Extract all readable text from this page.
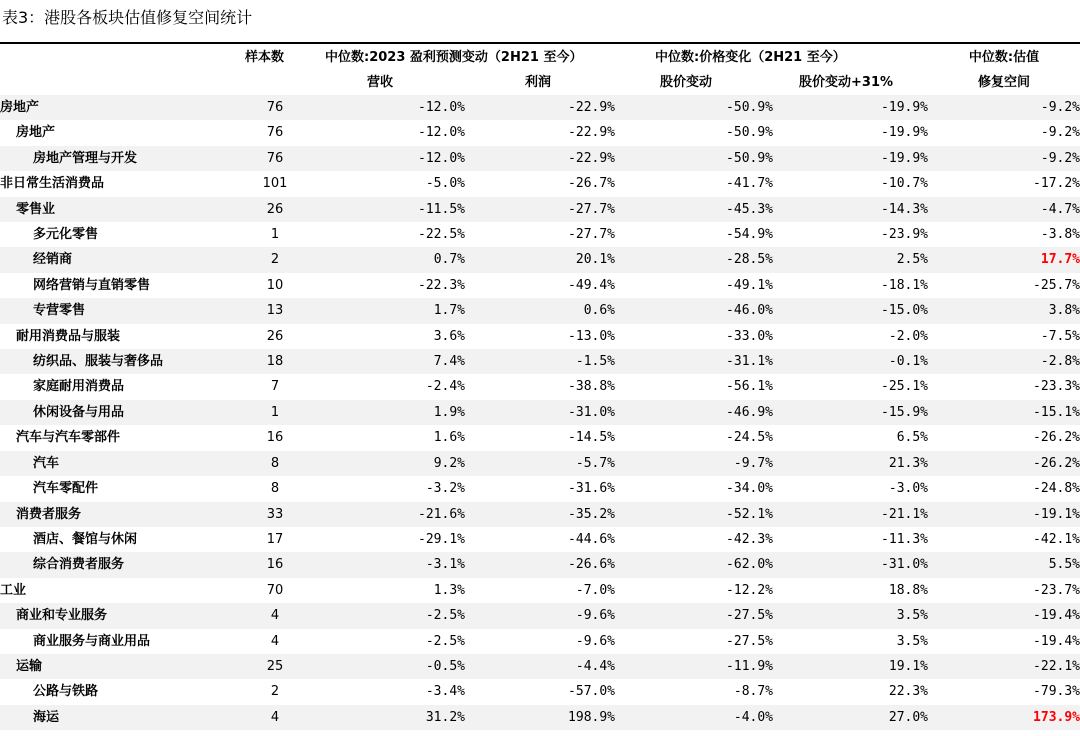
表3：港股各板块估值修复空间统计
	样本数	中位数:2023 盈利预测变动（2H21 至今）		中位数:价格变化（2H21 至今）		中位数:估值
		营收	利润	股价变动	股价变动+31%	修复空间
房地产	76	-12.0%	-22.9%	-50.9%	-19.9%	-9.2%
房地产	76	-12.0%	-22.9%	-50.9%	-19.9%	-9.2%
房地产管理与开发	76	-12.0%	-22.9%	-50.9%	-19.9%	-9.2%
非日常生活消费品	101	-5.0%	-26.7%	-41.7%	-10.7%	-17.2%
零售业	26	-11.5%	-27.7%	-45.3%	-14.3%	-4.7%
多元化零售	1	-22.5%	-27.7%	-54.9%	-23.9%	-3.8%
经销商	2	0.7%	20.1%	-28.5%	2.5%	17.7%
网络营销与直销零售	10	-22.3%	-49.4%	-49.1%	-18.1%	-25.7%
专营零售	13	1.7%	0.6%	-46.0%	-15.0%	3.8%
耐用消费品与服装	26	3.6%	-13.0%	-33.0%	-2.0%	-7.5%
纺织品、服装与奢侈品	18	7.4%	-1.5%	-31.1%	-0.1%	-2.8%
家庭耐用消费品	7	-2.4%	-38.8%	-56.1%	-25.1%	-23.3%
休闲设备与用品	1	1.9%	-31.0%	-46.9%	-15.9%	-15.1%
汽车与汽车零部件	16	1.6%	-14.5%	-24.5%	6.5%	-26.2%
汽车	8	9.2%	-5.7%	-9.7%	21.3%	-26.2%
汽车零配件	8	-3.2%	-31.6%	-34.0%	-3.0%	-24.8%
消费者服务	33	-21.6%	-35.2%	-52.1%	-21.1%	-19.1%
酒店、餐馆与休闲	17	-29.1%	-44.6%	-42.3%	-11.3%	-42.1%
综合消费者服务	16	-3.1%	-26.6%	-62.0%	-31.0%	5.5%
工业	70	1.3%	-7.0%	-12.2%	18.8%	-23.7%
商业和专业服务	4	-2.5%	-9.6%	-27.5%	3.5%	-19.4%
商业服务与商业用品	4	-2.5%	-9.6%	-27.5%	3.5%	-19.4%
运输	25	-0.5%	-4.4%	-11.9%	19.1%	-22.1%
公路与铁路	2	-3.4%	-57.0%	-8.7%	22.3%	-79.3%
海运	4	31.2%	198.9%	-4.0%	27.0%	173.9%
